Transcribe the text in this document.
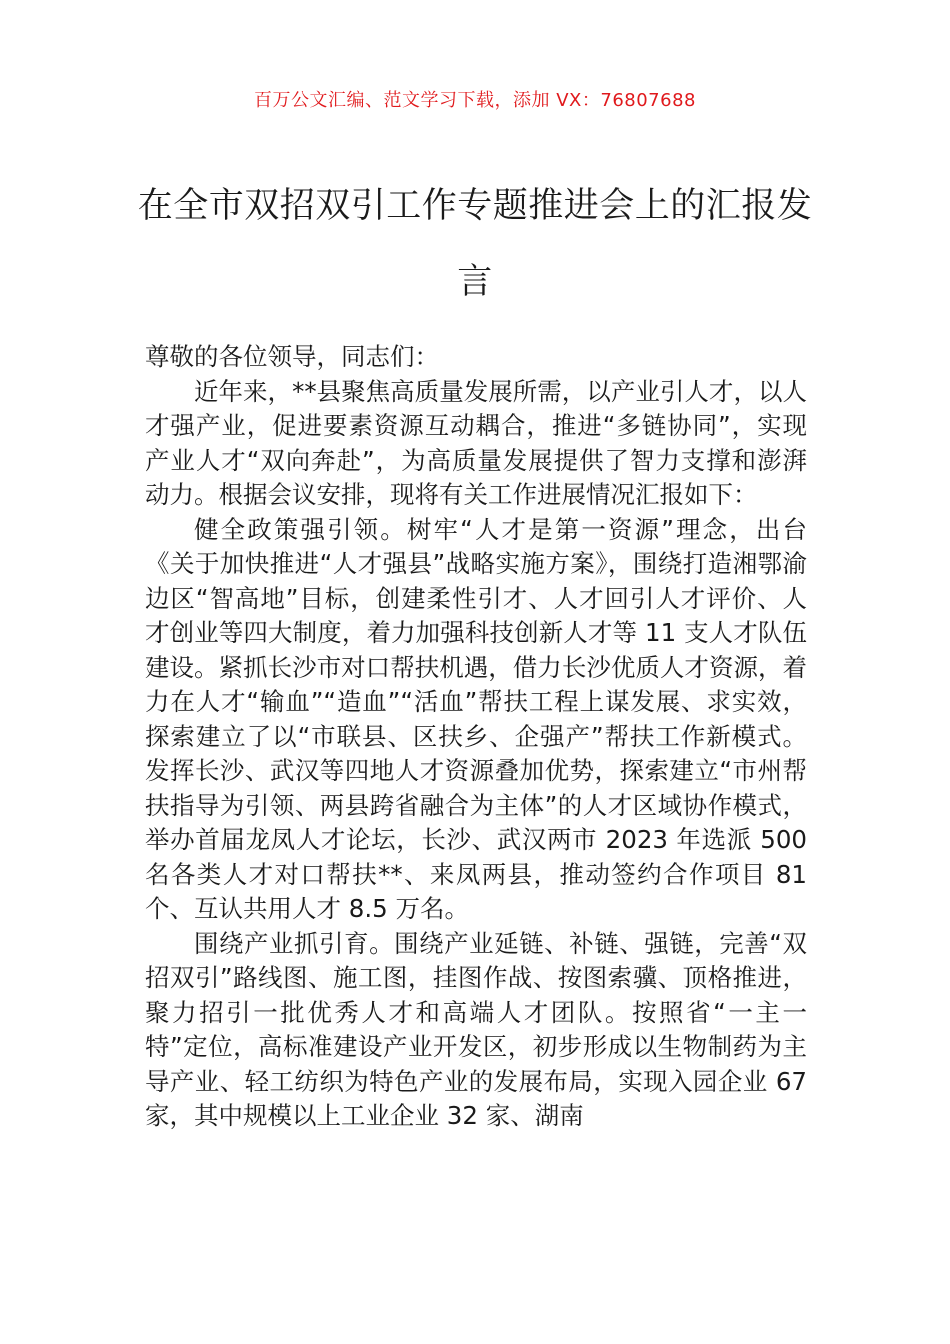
百万公文汇编、范文学习下载，添加 VX：76807688
在全市双招双引工作专题推进会上的汇报发言

尊敬的各位领导，同志们：

近年来，**县聚焦高质量发展所需，以产业引人才，以人才强产业，促进要素资源互动耦合，推进“多链协同”，实现产业人才“双向奔赴”，为高质量发展提供了智力支撑和澎湃动力。根据会议安排，现将有关工作进展情况汇报如下：

健全政策强引领。树牢“人才是第一资源”理念，出台《关于加快推进“人才强县”战略实施方案》，围绕打造湘鄂渝边区“智高地”目标，创建柔性引才、人才回引人才评价、人才创业等四大制度，着力加强科技创新人才等 11 支人才队伍建设。紧抓长沙市对口帮扶机遇，借力长沙优质人才资源，着力在人才“输血”“造血”“活血”帮扶工程上谋发展、求实效，探索建立了以“市联县、区扶乡、企强产”帮扶工作新模式。发挥长沙、武汉等四地人才资源叠加优势，探索建立“市州帮扶指导为引领、两县跨省融合为主体”的人才区域协作模式，举办首届龙凤人才论坛，长沙、武汉两市 2023 年选派 500 名各类人才对口帮扶**、来凤两县，推动签约合作项目 81 个、互认共用人才 8.5 万名。

围绕产业抓引育。围绕产业延链、补链、强链，完善“双招双引”路线图、施工图，挂图作战、按图索骥、顶格推进，聚力招引一批优秀人才和高端人才团队。按照省“一主一特”定位，高标准建设产业开发区，初步形成以生物制药为主导产业、轻工纺织为特色产业的发展布局，实现入园企业 67 家，其中规模以上工业企业 32 家、湖南
